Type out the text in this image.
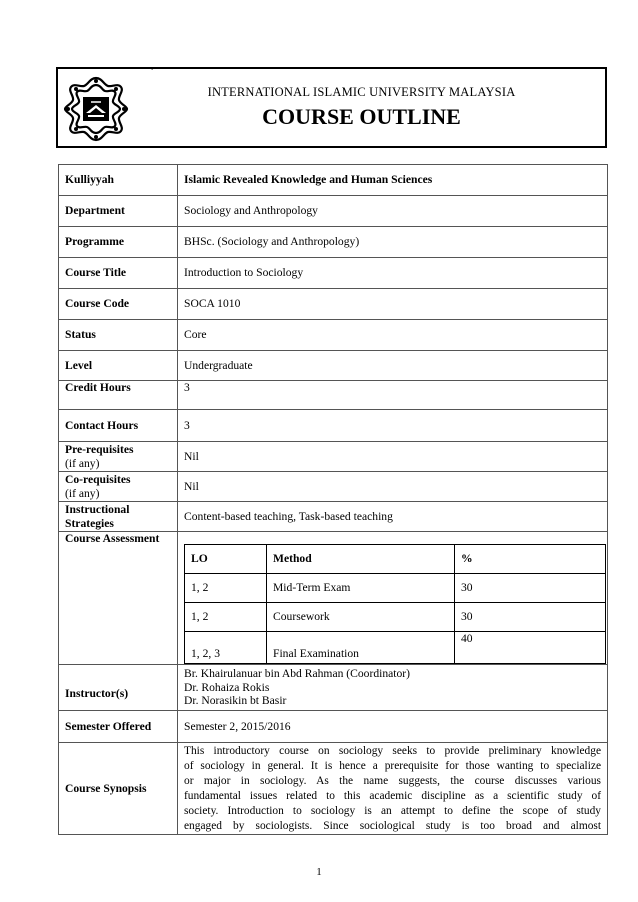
`
INTERNATIONAL ISLAMIC UNIVERSITY MALAYSIA
COURSE OUTLINE
Kulliyyah	Islamic Revealed Knowledge and Human Sciences
Department	Sociology and Anthropology
Programme	BHSc. (Sociology and Anthropology)
Course Title	Introduction to Sociology
Course Code	SOCA 1010
Status	Core
Level	Undergraduate
Credit Hours	3
Contact Hours	3

Pre-requisites
(if any)
	Nil

Co-requisites
(if any)
	Nil

Instructional
Strategies
	Content-based teaching, Task-based teaching
Course Assessment	
LO	Method	%
1, 2	Mid-Term Exam	30
1, 2	Coursework	30
1, 2, 3	Final Examination	40

Instructor(s)	
Br. Khairulanuar bin Abd Rahman (Coordinator)
Dr. Rohaiza Rokis
Dr. Norasikin bt Basir

Semester Offered	Semester 2, 2015/2016
Course Synopsis	
This introductory course on sociology seeks to provide preliminary knowledge
of sociology in general. It is hence a prerequisite for those wanting to specialize
or major in sociology. As the name suggests, the course discusses various
fundamental issues related to this academic discipline as a scientific study of
society. Introduction to sociology is an attempt to define the scope of study
engaged by sociologists. Since sociological study is too broad and almost
1
